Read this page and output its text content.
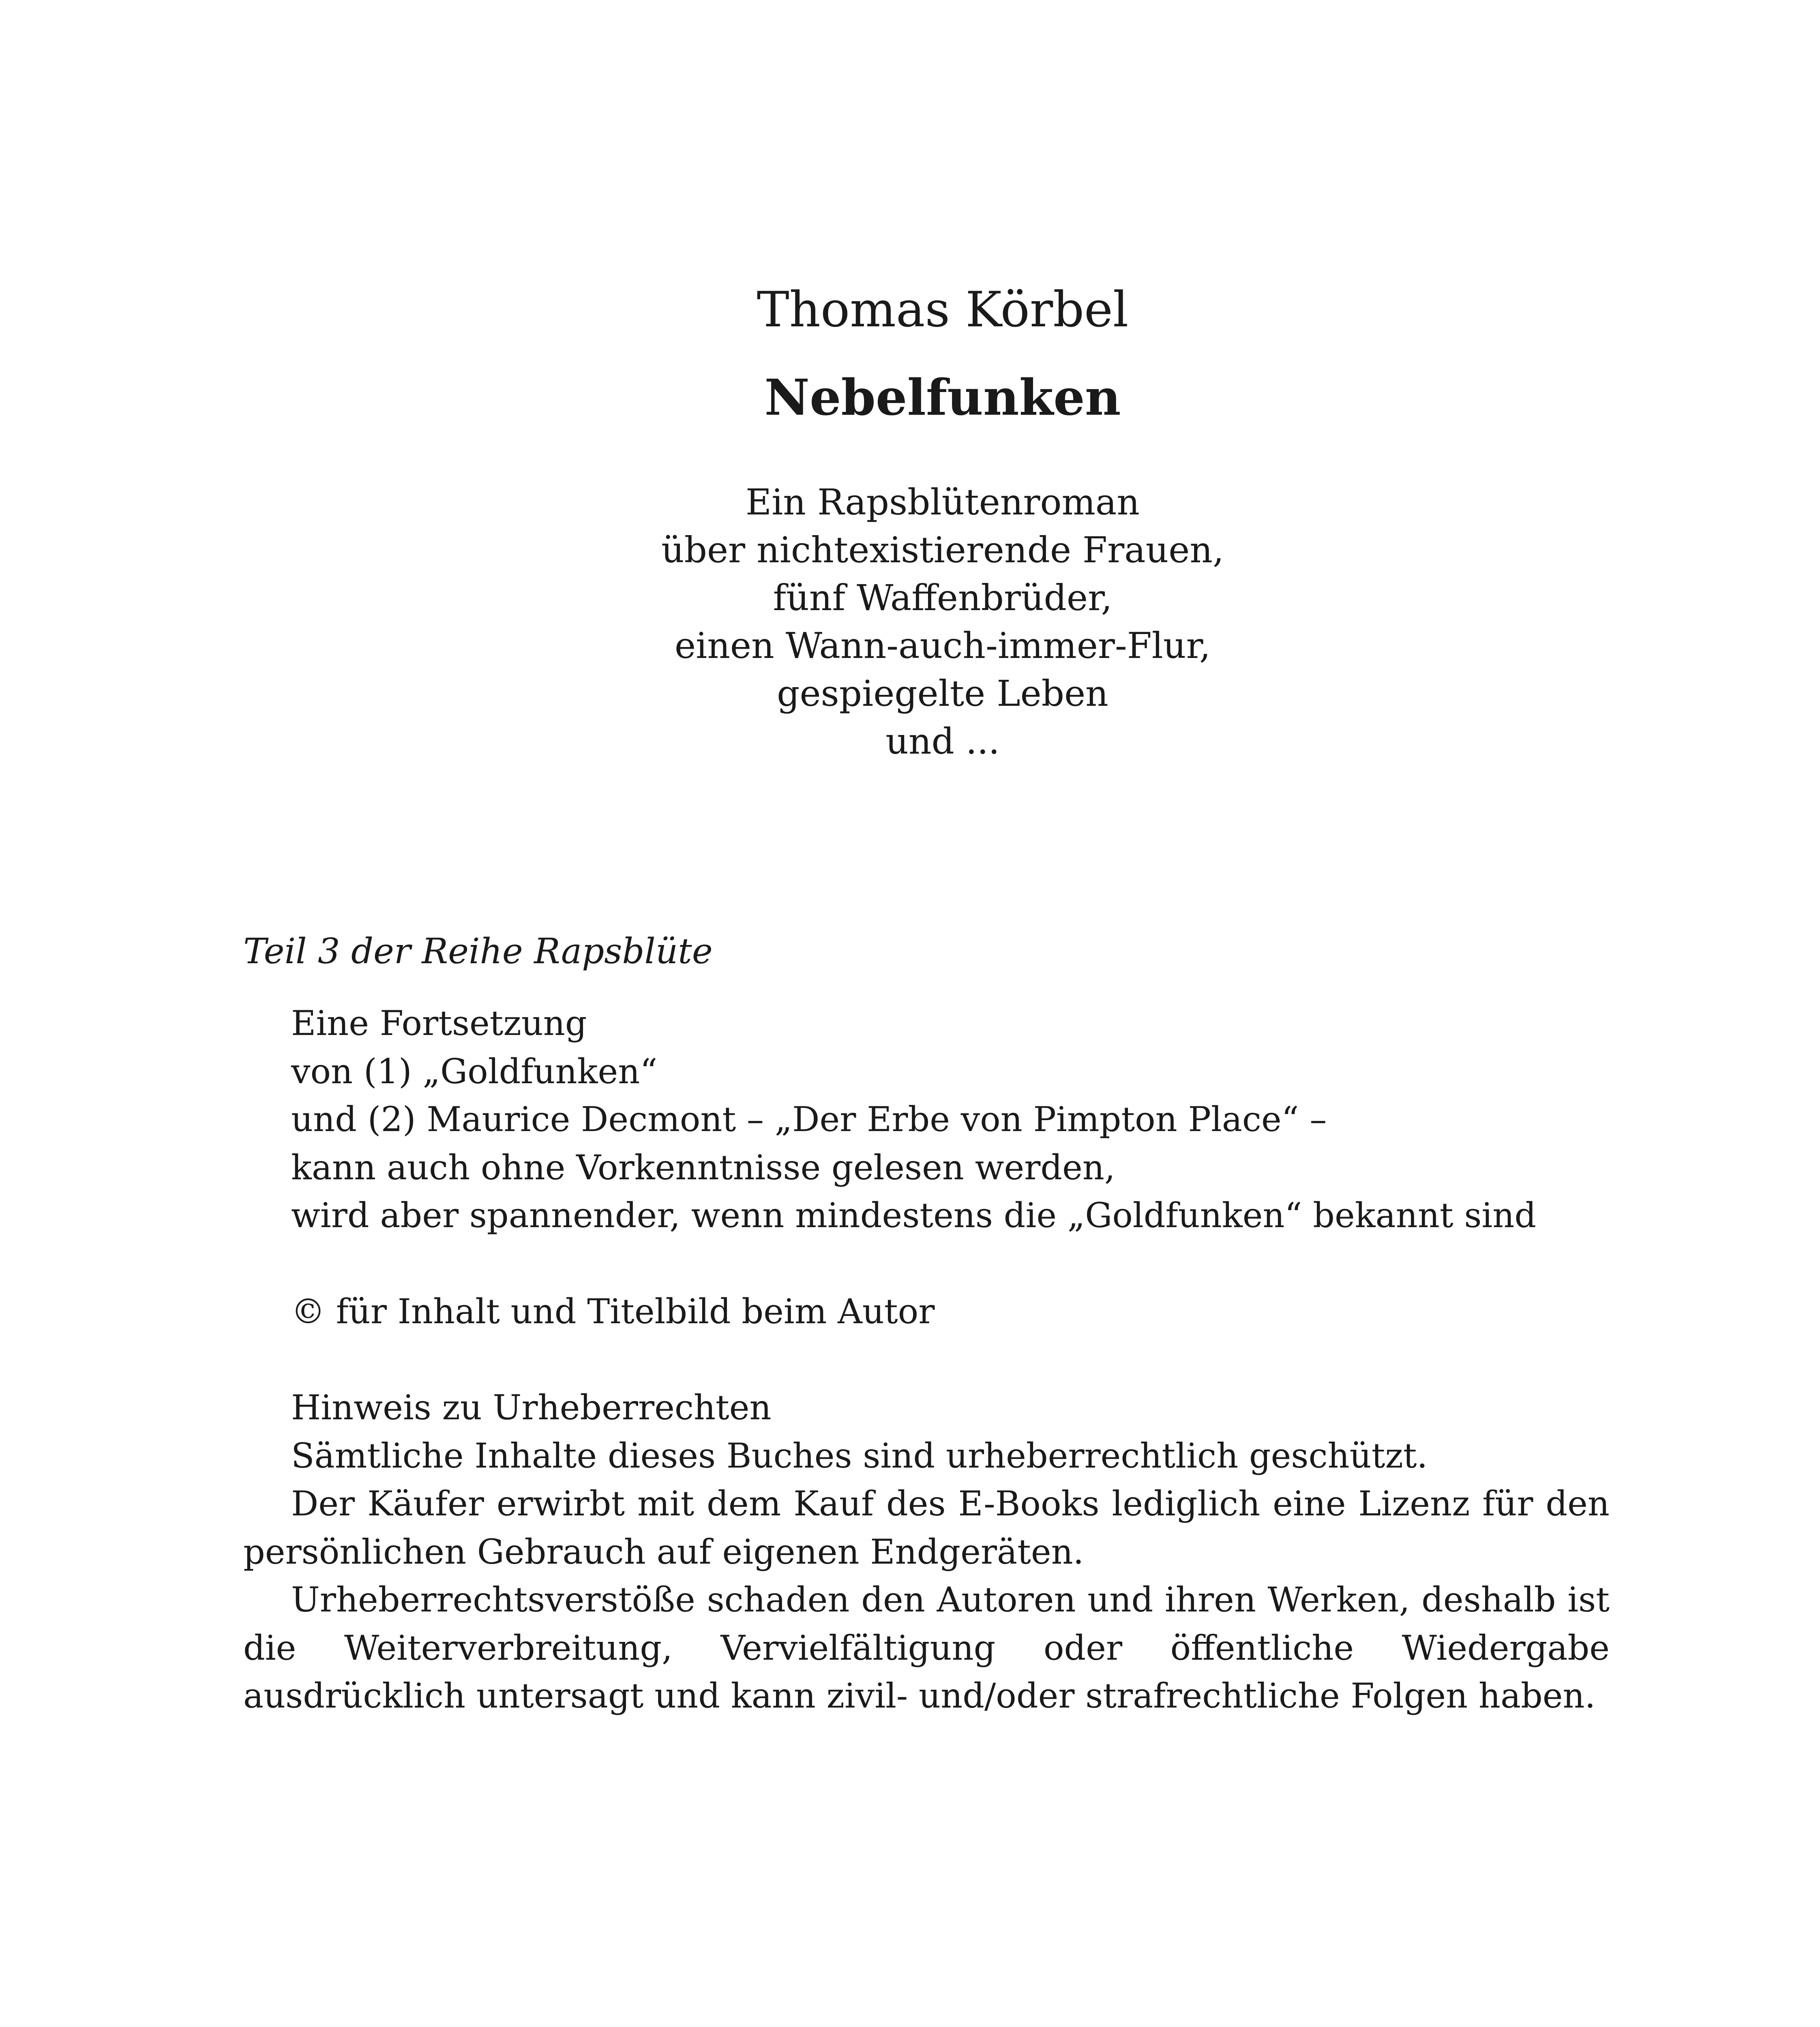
Thomas Körbel
Nebelfunken
Ein Rapsblütenroman
über nichtexistierende Frauen,
fünf Waffenbrüder,
einen Wann-auch-immer-Flur,
gespiegelte Leben
und ...
Teil 3 der Reihe Rapsblüte
Eine Fortsetzung
von (1) „Goldfunken“
und (2) Maurice Decmont – „Der Erbe von Pimpton Place“ –
kann auch ohne Vorkenntnisse gelesen werden,
wird aber spannender, wenn mindestens die „Goldfunken“ bekannt sind
© für Inhalt und Titelbild beim Autor
Hinweis zu Urheberrechten
Sämtliche Inhalte dieses Buches sind urheberrechtlich geschützt.
Der Käufer erwirbt mit dem Kauf des E-Books lediglich eine Lizenz für den persönlichen Gebrauch auf eigenen Endgeräten.
Urheberrechtsverstöße schaden den Autoren und ihren Werken, deshalb ist die Weiterverbreitung, Vervielfältigung oder öffentliche Wiedergabe ausdrücklich untersagt und kann zivil- und/oder strafrechtliche Folgen haben.
